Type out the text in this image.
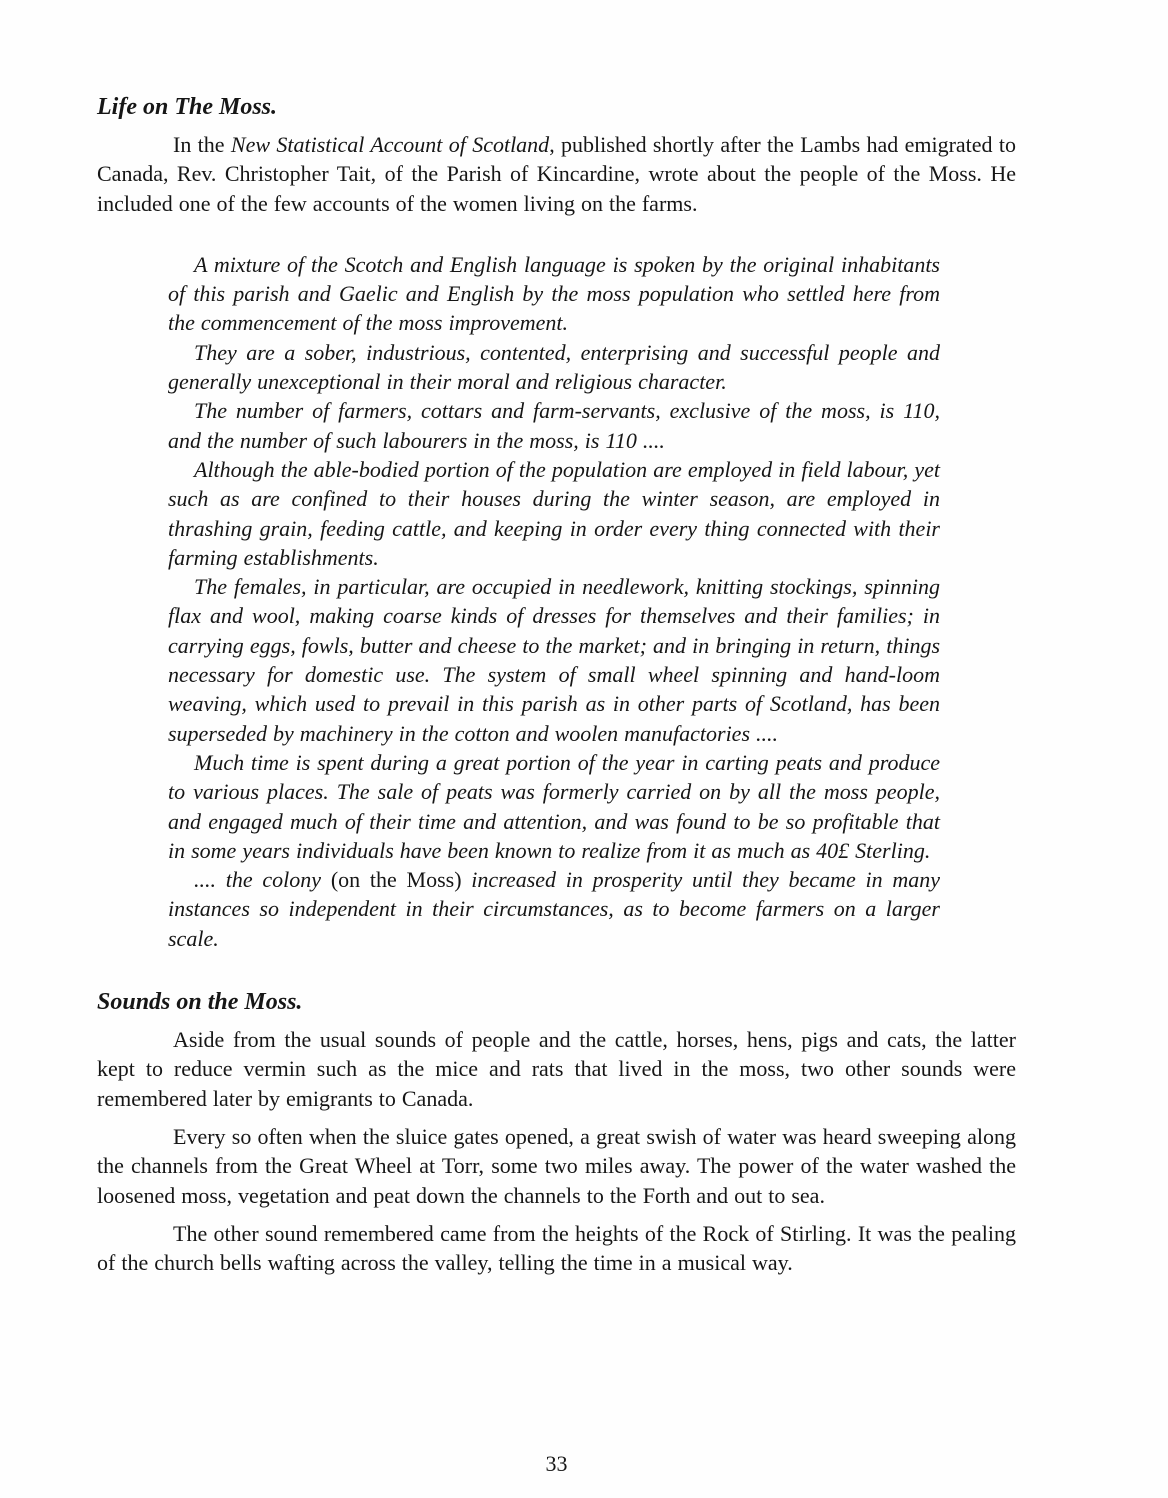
Life on The Moss.

In the New Statistical Account of Scotland, published shortly after the Lambs had emigrated to Canada, Rev. Christopher Tait, of the Parish of Kincardine, wrote about the people of the Moss. He included one of the few accounts of the women living on the farms.

A mixture of the Scotch and English language is spoken by the original inhabitants of this parish and Gaelic and English by the moss population who settled here from the commencement of the moss improvement.

They are a sober, industrious, contented, enterprising and successful people and generally unexceptional in their moral and religious character.

The number of farmers, cottars and farm-servants, exclusive of the moss, is 110, and the number of such labourers in the moss, is 110 ....

Although the able-bodied portion of the population are employed in field labour, yet such as are confined to their houses during the winter season, are employed in thrashing grain, feeding cattle, and keeping in order every thing connected with their farming establishments.

The females, in particular, are occupied in needlework, knitting stockings, spinning flax and wool, making coarse kinds of dresses for themselves and their families; in carrying eggs, fowls, butter and cheese to the market; and in bringing in return, things necessary for domestic use. The system of small wheel spinning and hand-loom weaving, which used to prevail in this parish as in other parts of Scotland, has been superseded by machinery in the cotton and woolen manufactories ....

Much time is spent during a great portion of the year in carting peats and produce to various places. The sale of peats was formerly carried on by all the moss people, and engaged much of their time and attention, and was found to be so profitable that in some years individuals have been known to realize from it as much as 40£ Sterling.

.... the colony (on the Moss) increased in prosperity until they became in many instances so independent in their circumstances, as to become farmers on a larger scale.

Sounds on the Moss.

Aside from the usual sounds of people and the cattle, horses, hens, pigs and cats, the latter kept to reduce vermin such as the mice and rats that lived in the moss, two other sounds were remembered later by emigrants to Canada.

Every so often when the sluice gates opened, a great swish of water was heard sweeping along the channels from the Great Wheel at Torr, some two miles away. The power of the water washed the loosened moss, vegetation and peat down the channels to the Forth and out to sea.

The other sound remembered came from the heights of the Rock of Stirling. It was the pealing of the church bells wafting across the valley, telling the time in a musical way.

33
